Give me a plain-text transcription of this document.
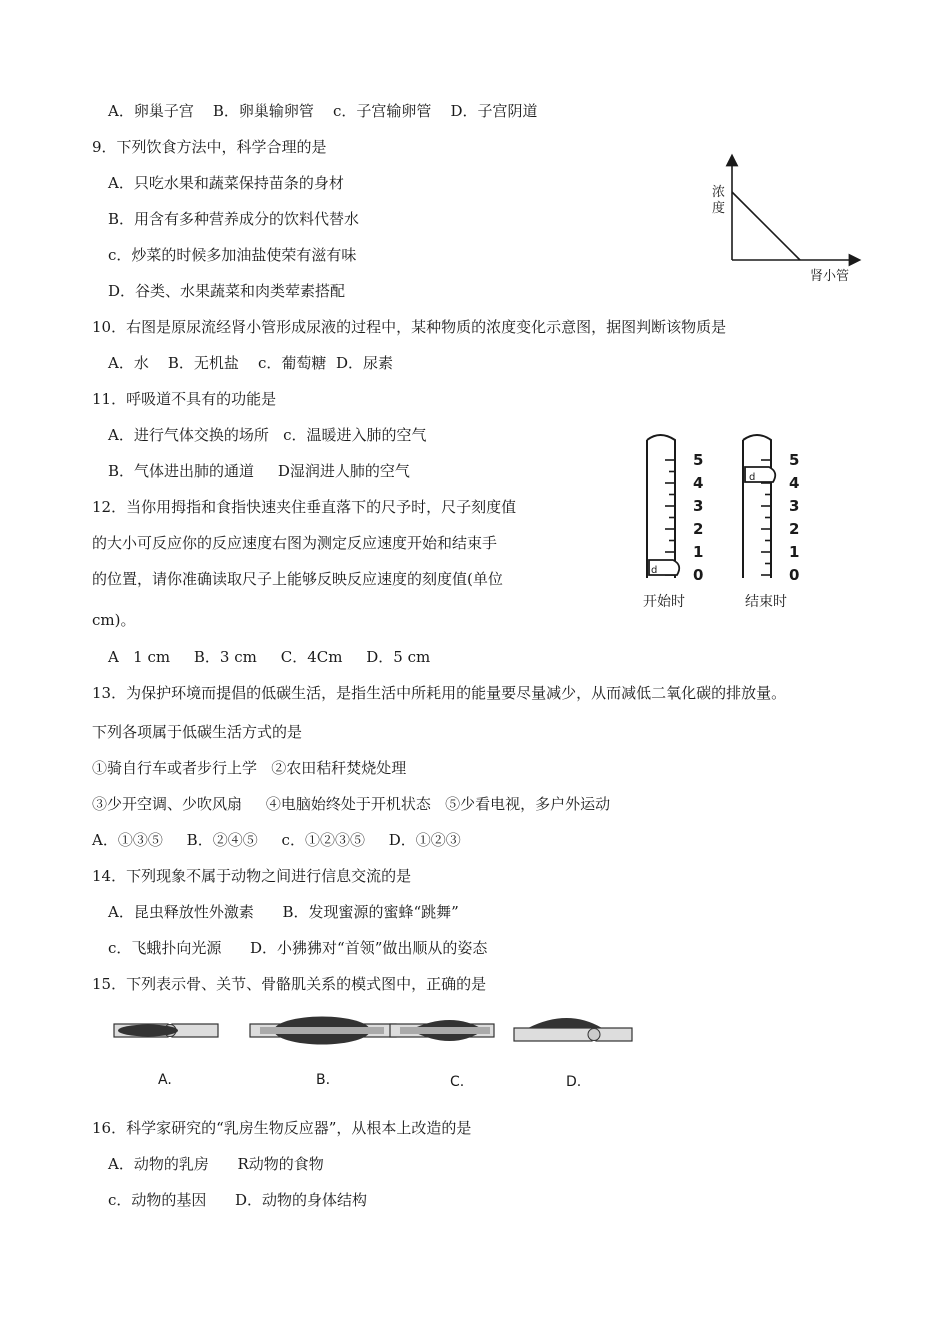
A．卵巢子宫    B．卵巢输卵管    c．子宫输卵管    D．子宫阴道
9．下列饮食方法中，科学合理的是
A．只吃水果和蔬菜保持苗条的身材
B．用含有多种营养成分的饮料代替水
c．炒菜的时候多加油盐使荣有滋有味
D．谷类、水果蔬菜和肉类荤素搭配
10．右图是原尿流经肾小管形成尿液的过程中，某种物质的浓度变化示意图，据图判断该物质是
A．水    B．无机盐    c．葡萄糖  D．尿素
11．呼吸道不具有的功能是
A．进行气体交换的场所   c．温暖进入肺的空气
B．气体进出肺的通道     D湿润进人肺的空气
12．当你用拇指和食指快速夹住垂直落下的尺予时，尺子刻度值
的大小可反应你的反应速度右图为测定反应速度开始和结束手
的位置，请你准确读取尺子上能够反映反应速度的刻度值(单位
cm)。
A   1 cm     B．3 cm     C．4Cm     D．5 cm
13．为保护环境而提倡的低碳生活，是指生活中所耗用的能量要尽量减少，从而减低二氧化碳的排放量。
下列各项属于低碳生活方式的是
①骑自行车或者步行上学   ②农田秸秆焚烧处理
③少开空调、少吹风扇     ④电脑始终处于开机状态   ⑤少看电视，多户外运动
A．①③⑤     B．②④⑤     c．①②③⑤     D．①②③
14．下列现象不属于动物之间进行信息交流的是
A．昆虫释放性外激素      B．发现蜜源的蜜蜂“跳舞”
c．飞蛾扑向光源      D．小狒狒对“首领”做出顺从的姿态
15．下列表示骨、关节、骨骼肌关系的模式图中，正确的是
16．科学家研究的“乳房生物反应器”，从根本上改造的是
A．动物的乳房      R动物的食物
c．动物的基因      D．动物的身体结构
浓
度
肾小管
d
5
4
3
2
1
0
d
5
4
3
2
1
0
开始时	结束时
A.	B.	C.	D.
